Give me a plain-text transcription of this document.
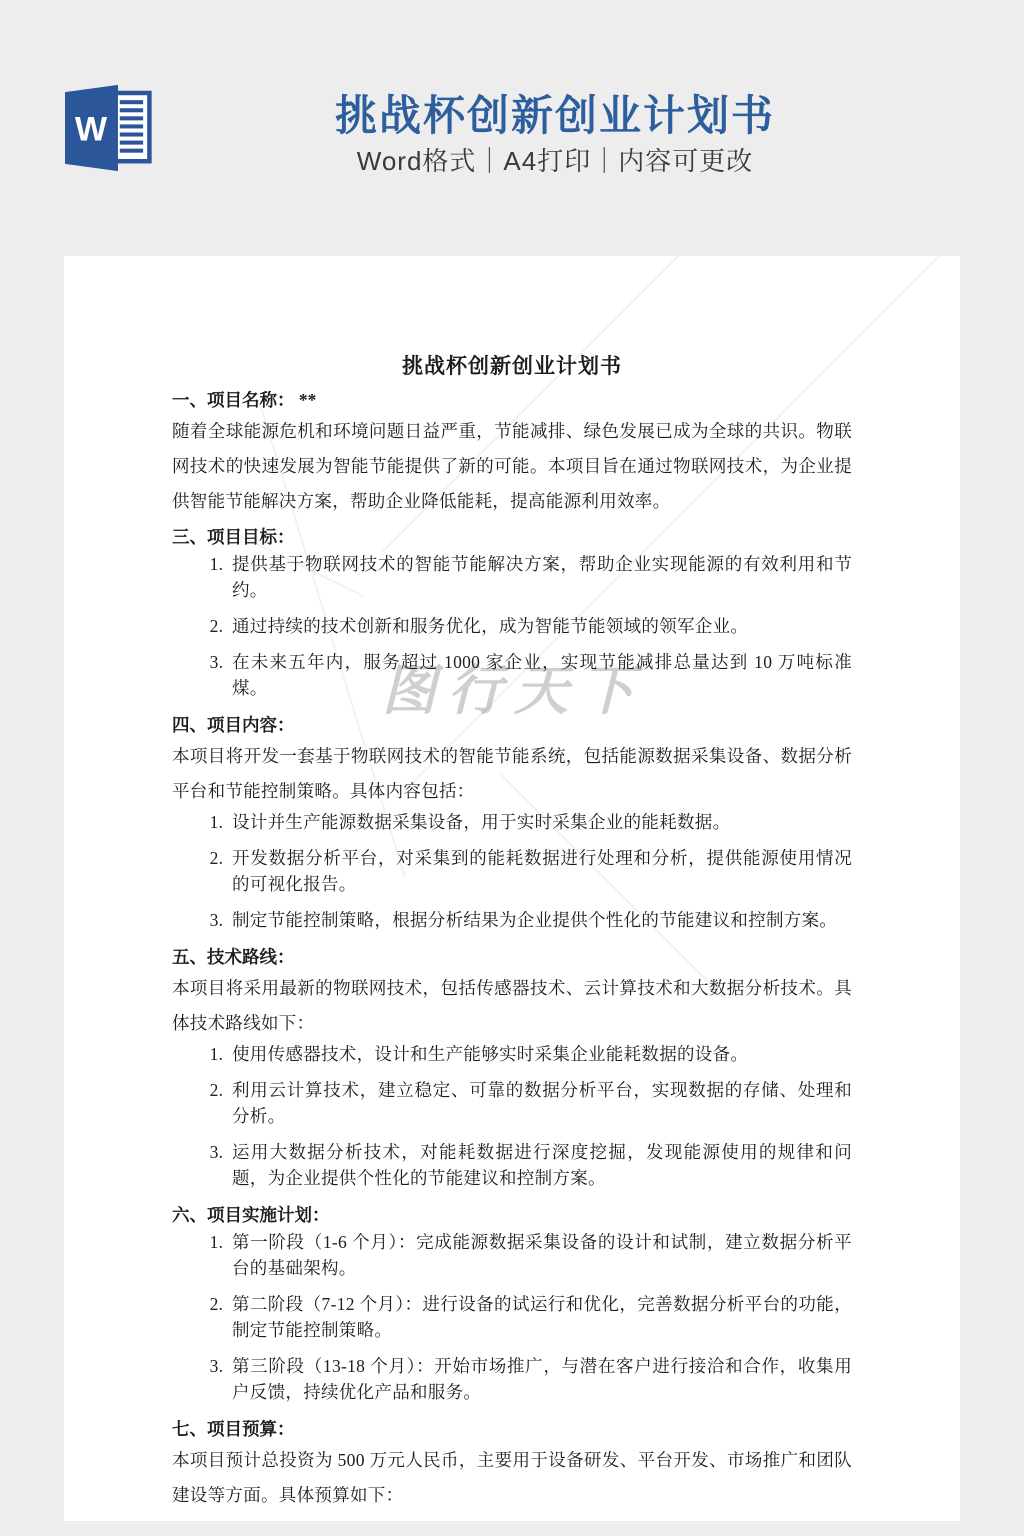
W	挑战杯创新创业计划书
Word格式｜A4打印｜内容可更改
图行天下
挑战杯创新创业计划书
一、项目名称： **

随着全球能源危机和环境问题日益严重，节能减排、绿色发展已成为全球的共识。物联网技术的快速发展为智能节能提供了新的可能。本项目旨在通过物联网技术，为企业提供智能节能解决方案，帮助企业降低能耗，提高能源利用效率。

三、项目目标：
1. 提供基于物联网技术的智能节能解决方案，帮助企业实现能源的有效利用和节约。
2. 通过持续的技术创新和服务优化，成为智能节能领域的领军企业。
3. 在未来五年内，服务超过 1000 家企业，实现节能减排总量达到 10 万吨标准煤。
四、项目内容：

本项目将开发一套基于物联网技术的智能节能系统，包括能源数据采集设备、数据分析平台和节能控制策略。具体内容包括：

1. 设计并生产能源数据采集设备，用于实时采集企业的能耗数据。
2. 开发数据分析平台，对采集到的能耗数据进行处理和分析，提供能源使用情况的可视化报告。
3. 制定节能控制策略，根据分析结果为企业提供个性化的节能建议和控制方案。
五、技术路线：

本项目将采用最新的物联网技术，包括传感器技术、云计算技术和大数据分析技术。具体技术路线如下：

1. 使用传感器技术，设计和生产能够实时采集企业能耗数据的设备。
2. 利用云计算技术，建立稳定、可靠的数据分析平台，实现数据的存储、处理和分析。
3. 运用大数据分析技术，对能耗数据进行深度挖掘，发现能源使用的规律和问题，为企业提供个性化的节能建议和控制方案。
六、项目实施计划：
1. 第一阶段（1-6 个月）：完成能源数据采集设备的设计和试制，建立数据分析平台的基础架构。
2. 第二阶段（7-12 个月）：进行设备的试运行和优化，完善数据分析平台的功能，制定节能控制策略。
3. 第三阶段（13-18 个月）：开始市场推广，与潜在客户进行接洽和合作，收集用户反馈，持续优化产品和服务。
七、项目预算：

本项目预计总投资为 500 万元人民币，主要用于设备研发、平台开发、市场推广和团队建设等方面。具体预算如下：
